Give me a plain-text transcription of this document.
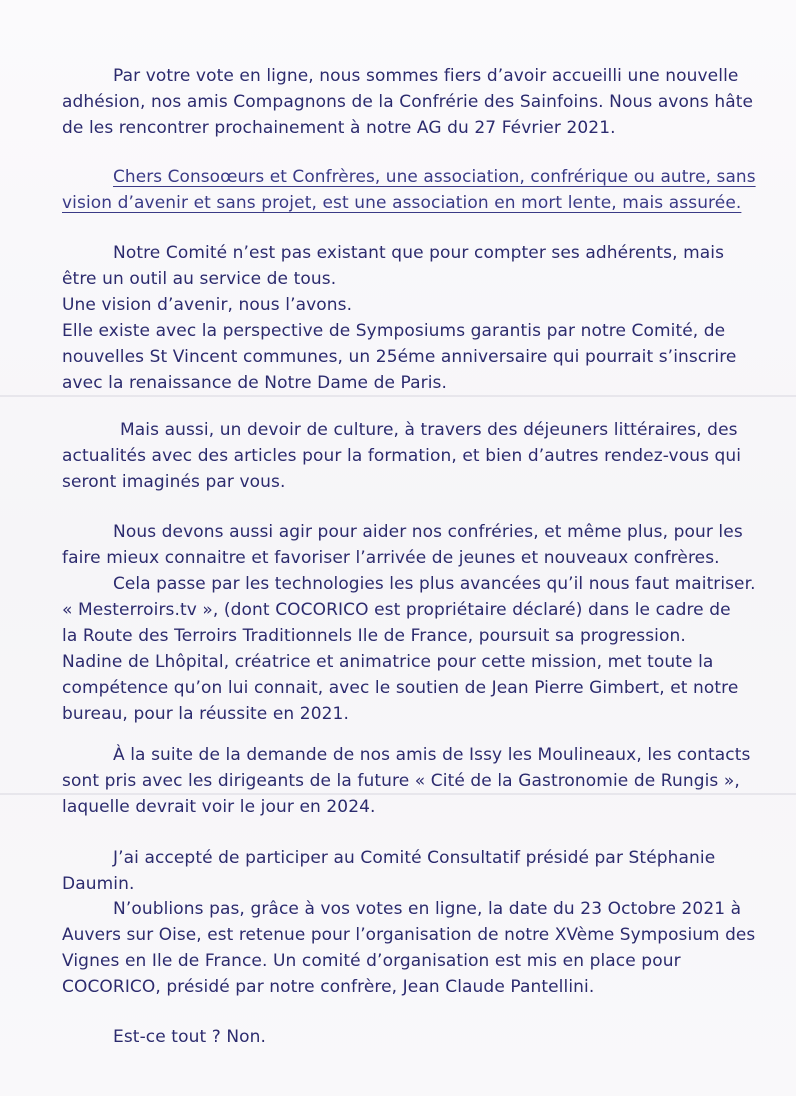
Par votre vote en ligne, nous sommes fiers d’avoir accueilli une nouvelle
adhésion, nos amis Compagnons de la Confrérie des Sainfoins. Nous avons hâte
de les rencontrer prochainement à notre AG du 27 Février 2021.
Chers Consoœurs et Confrères, une association, confrérique ou autre, sans
vision d’avenir et sans projet, est une association en mort lente, mais assurée.
Notre Comité n’est pas existant que pour compter ses adhérents, mais
être un outil au service de tous.
Une vision d’avenir, nous l’avons.
Elle existe avec la perspective de Symposiums garantis par notre Comité, de
nouvelles St Vincent communes, un 25éme anniversaire qui pourrait s’inscrire
avec la renaissance de Notre Dame de Paris.
Mais aussi, un devoir de culture, à travers des déjeuners littéraires, des
actualités avec des articles pour la formation, et bien d’autres rendez-vous qui
seront imaginés par vous.
Nous devons aussi agir pour aider nos confréries, et même plus, pour les
faire mieux connaitre et favoriser l’arrivée de jeunes et nouveaux confrères.
Cela passe par les technologies les plus avancées qu’il nous faut maitriser.
« Mesterroirs.tv », (dont COCORICO est propriétaire déclaré) dans le cadre de
la Route des Terroirs Traditionnels Ile de France, poursuit sa progression.
Nadine de Lhôpital, créatrice et animatrice pour cette mission, met toute la
compétence qu’on lui connait, avec le soutien de Jean Pierre Gimbert, et notre
bureau, pour la réussite en 2021.
À la suite de la demande de nos amis de Issy les Moulineaux, les contacts
sont pris avec les dirigeants de la future « Cité de la Gastronomie de Rungis »,
laquelle devrait voir le jour en 2024.
J’ai accepté de participer au Comité Consultatif présidé par Stéphanie
Daumin.
N’oublions pas, grâce à vos votes en ligne, la date du 23 Octobre 2021 à
Auvers sur Oise, est retenue pour l’organisation de notre XVème Symposium des
Vignes en Ile de France. Un comité d’organisation est mis en place pour
COCORICO, présidé par notre confrère, Jean Claude Pantellini.
Est-ce tout ? Non.
